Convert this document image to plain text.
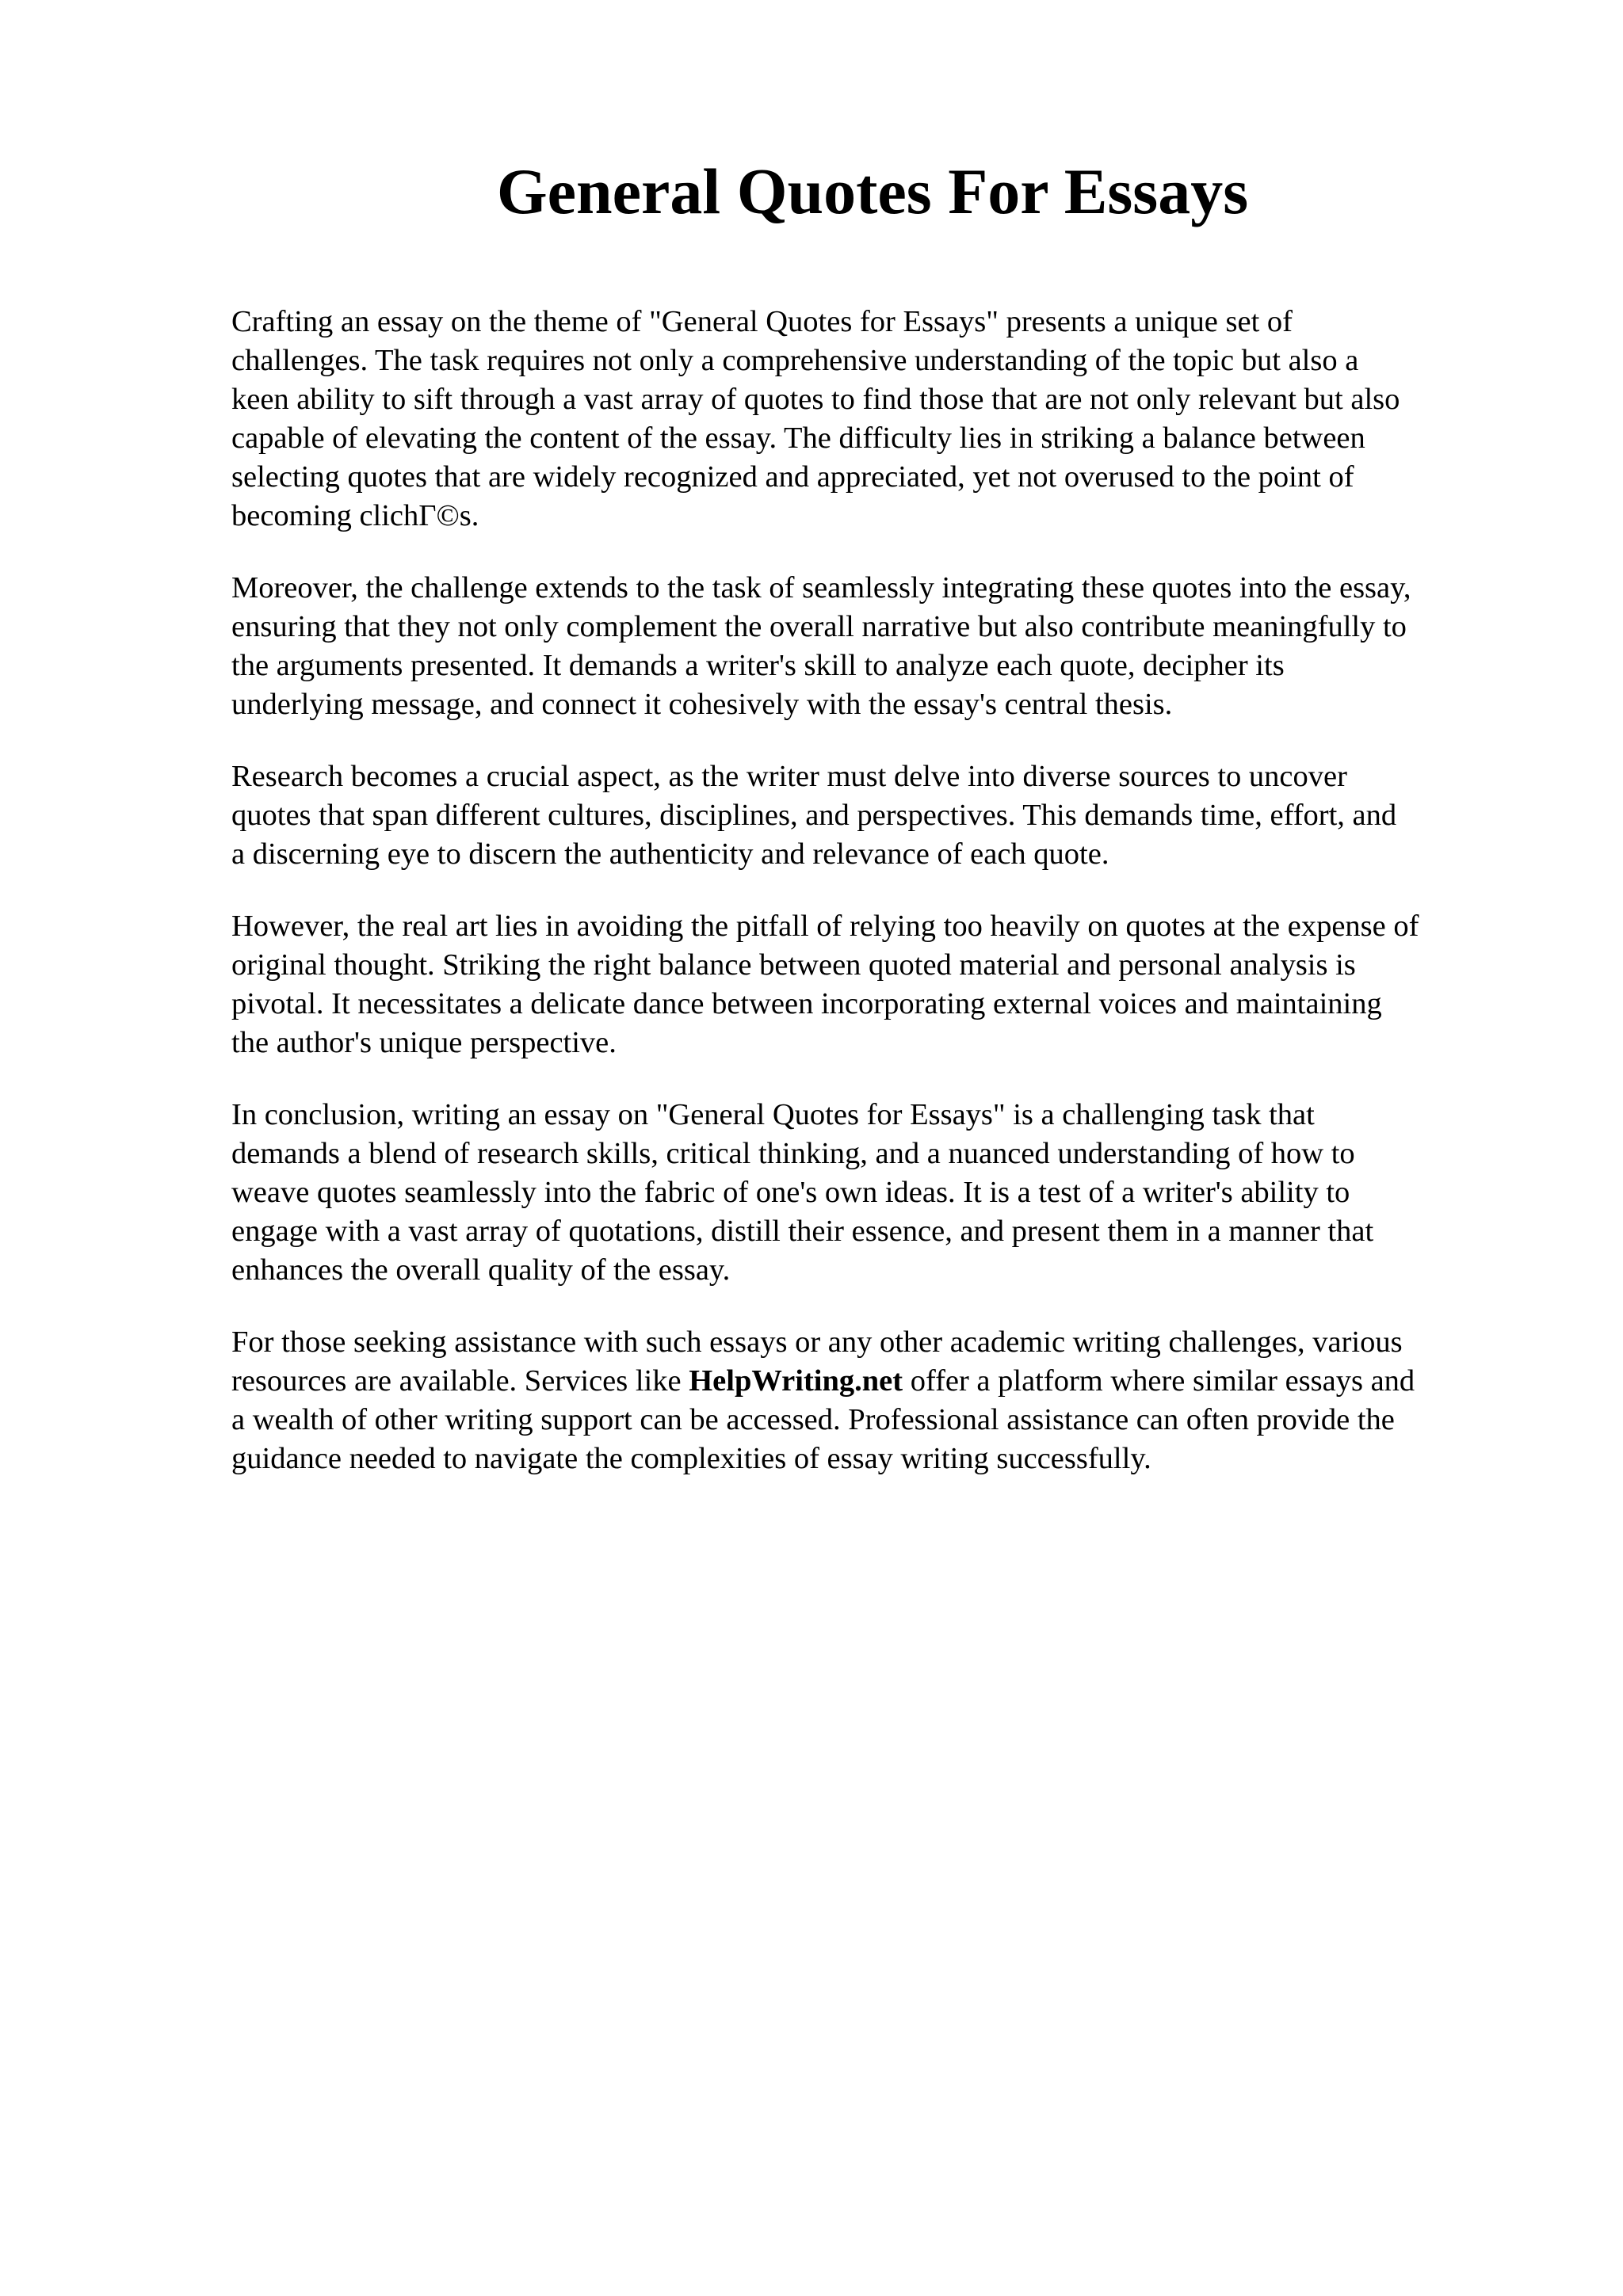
General Quotes For Essays

Crafting an essay on the theme of "General Quotes for Essays" presents a unique set of
challenges. The task requires not only a comprehensive understanding of the topic but also a
keen ability to sift through a vast array of quotes to find those that are not only relevant but also
capable of elevating the content of the essay. The difficulty lies in striking a balance between
selecting quotes that are widely recognized and appreciated, yet not overused to the point of
becoming clichГ©s.

Moreover, the challenge extends to the task of seamlessly integrating these quotes into the essay,
ensuring that they not only complement the overall narrative but also contribute meaningfully to
the arguments presented. It demands a writer's skill to analyze each quote, decipher its
underlying message, and connect it cohesively with the essay's central thesis.

Research becomes a crucial aspect, as the writer must delve into diverse sources to uncover
quotes that span different cultures, disciplines, and perspectives. This demands time, effort, and
a discerning eye to discern the authenticity and relevance of each quote.

However, the real art lies in avoiding the pitfall of relying too heavily on quotes at the expense of
original thought. Striking the right balance between quoted material and personal analysis is
pivotal. It necessitates a delicate dance between incorporating external voices and maintaining
the author's unique perspective.

In conclusion, writing an essay on "General Quotes for Essays" is a challenging task that
demands a blend of research skills, critical thinking, and a nuanced understanding of how to
weave quotes seamlessly into the fabric of one's own ideas. It is a test of a writer's ability to
engage with a vast array of quotations, distill their essence, and present them in a manner that
enhances the overall quality of the essay.

For those seeking assistance with such essays or any other academic writing challenges, various
resources are available. Services like HelpWriting.net offer a platform where similar essays and
a wealth of other writing support can be accessed. Professional assistance can often provide the
guidance needed to navigate the complexities of essay writing successfully.
